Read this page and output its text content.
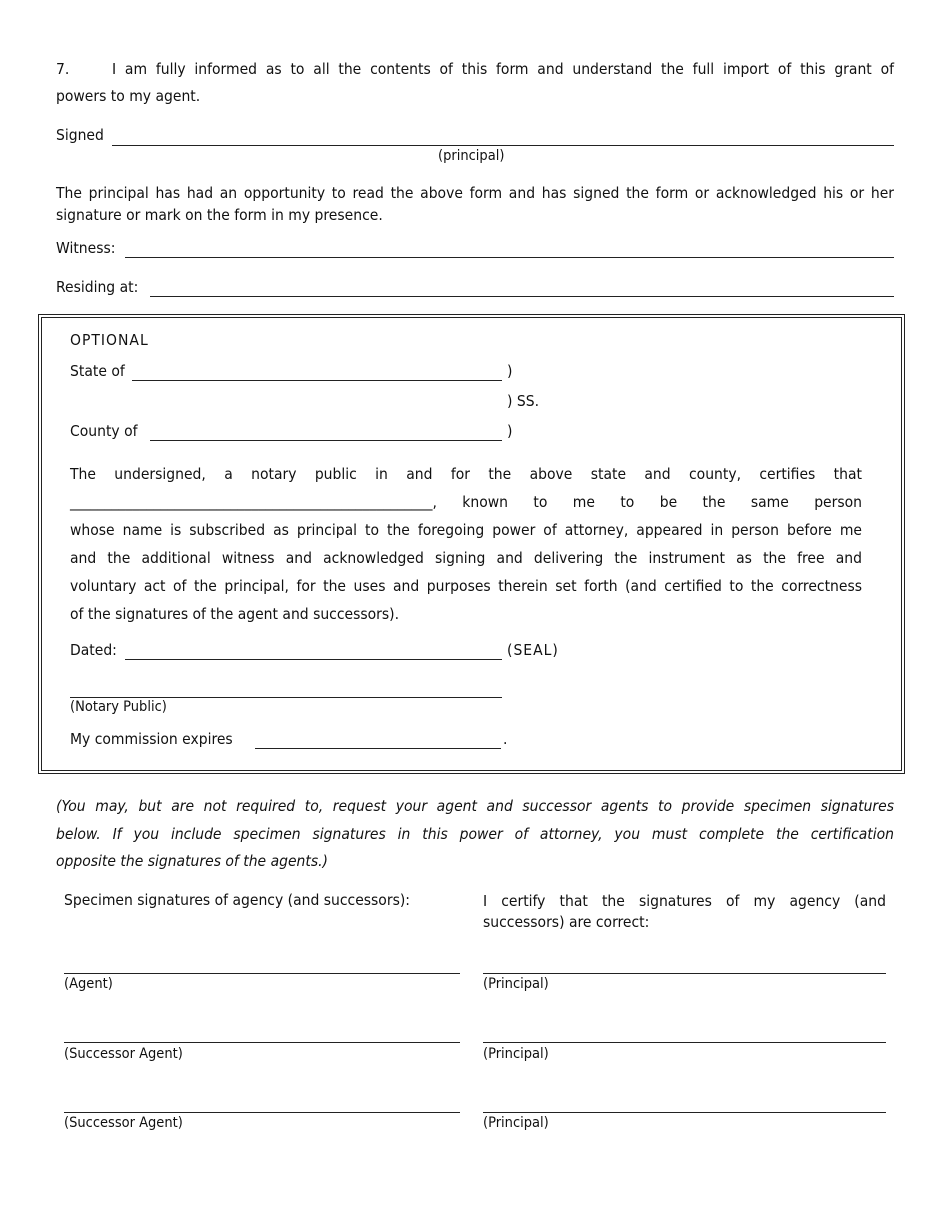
7.	I am fully informed as to all the contents of this form and understand the full import of this grant of
powers to my agent.
Signed
(principal)
The principal has had an opportunity to read the above form and has signed the form or acknowledged his or her
signature or mark on the form in my presence.
Witness:
Residing at:
OPTIONAL
State of	)
) SS.
County of	)
The undersigned, a notary public in and for the above state and county, certifies that
____________________________________________________, known to me to be the same person
whose name is subscribed as principal to the foregoing power of attorney, appeared in person before me
and the additional witness and acknowledged signing and delivering the instrument as the free and
voluntary act of the principal, for the uses and purposes therein set forth (and certified to the correctness
of the signatures of the agent and successors).
Dated:	(SEAL)
(Notary Public)
My commission expires	.
(You may, but are not required to, request your agent and successor agents to provide specimen signatures
below. If you include specimen signatures in this power of attorney, you must complete the certification
opposite the signatures of the agents.)
Specimen signatures of agency (and successors):	I certify that the signatures of my agency (and
successors) are correct:
(Agent)	(Principal)
(Successor Agent)	(Principal)
(Successor Agent)	(Principal)
